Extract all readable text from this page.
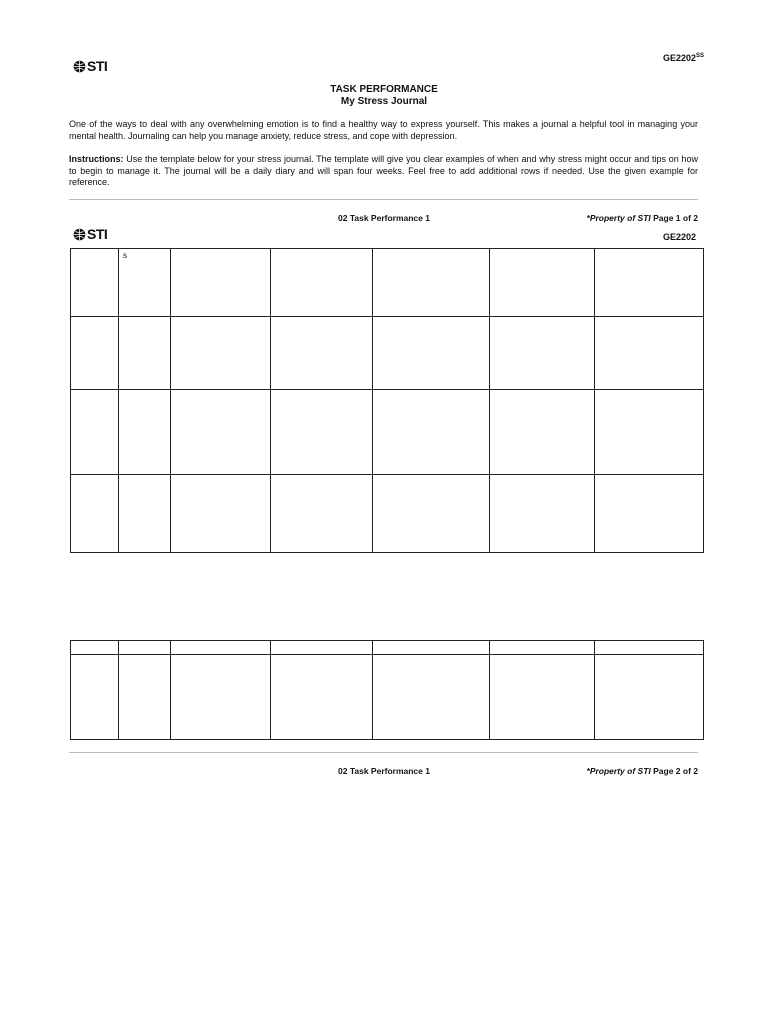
STI	$GE2202^{SS}$
TASK PERFORMANCE
My Stress Journal
One of the ways to deal with any overwhelming emotion is to find a healthy way to express yourself. This makes a journal a helpful tool in managing your mental health. Journaling can help you manage anxiety, reduce stress, and cope with depression.
Instructions: Use the template below for your stress journal. The template will give you clear examples of when and why stress might occur and tips on how to begin to manage it. The journal will be a daily diary and will span four weeks. Feel free to add additional rows if needed. Use the given example for reference.
02 Task Performance 1	*Property of STI Page 1 of 2
STI	GE2202

	s					

02 Task Performance 1	*Property of STI Page 2 of 2
